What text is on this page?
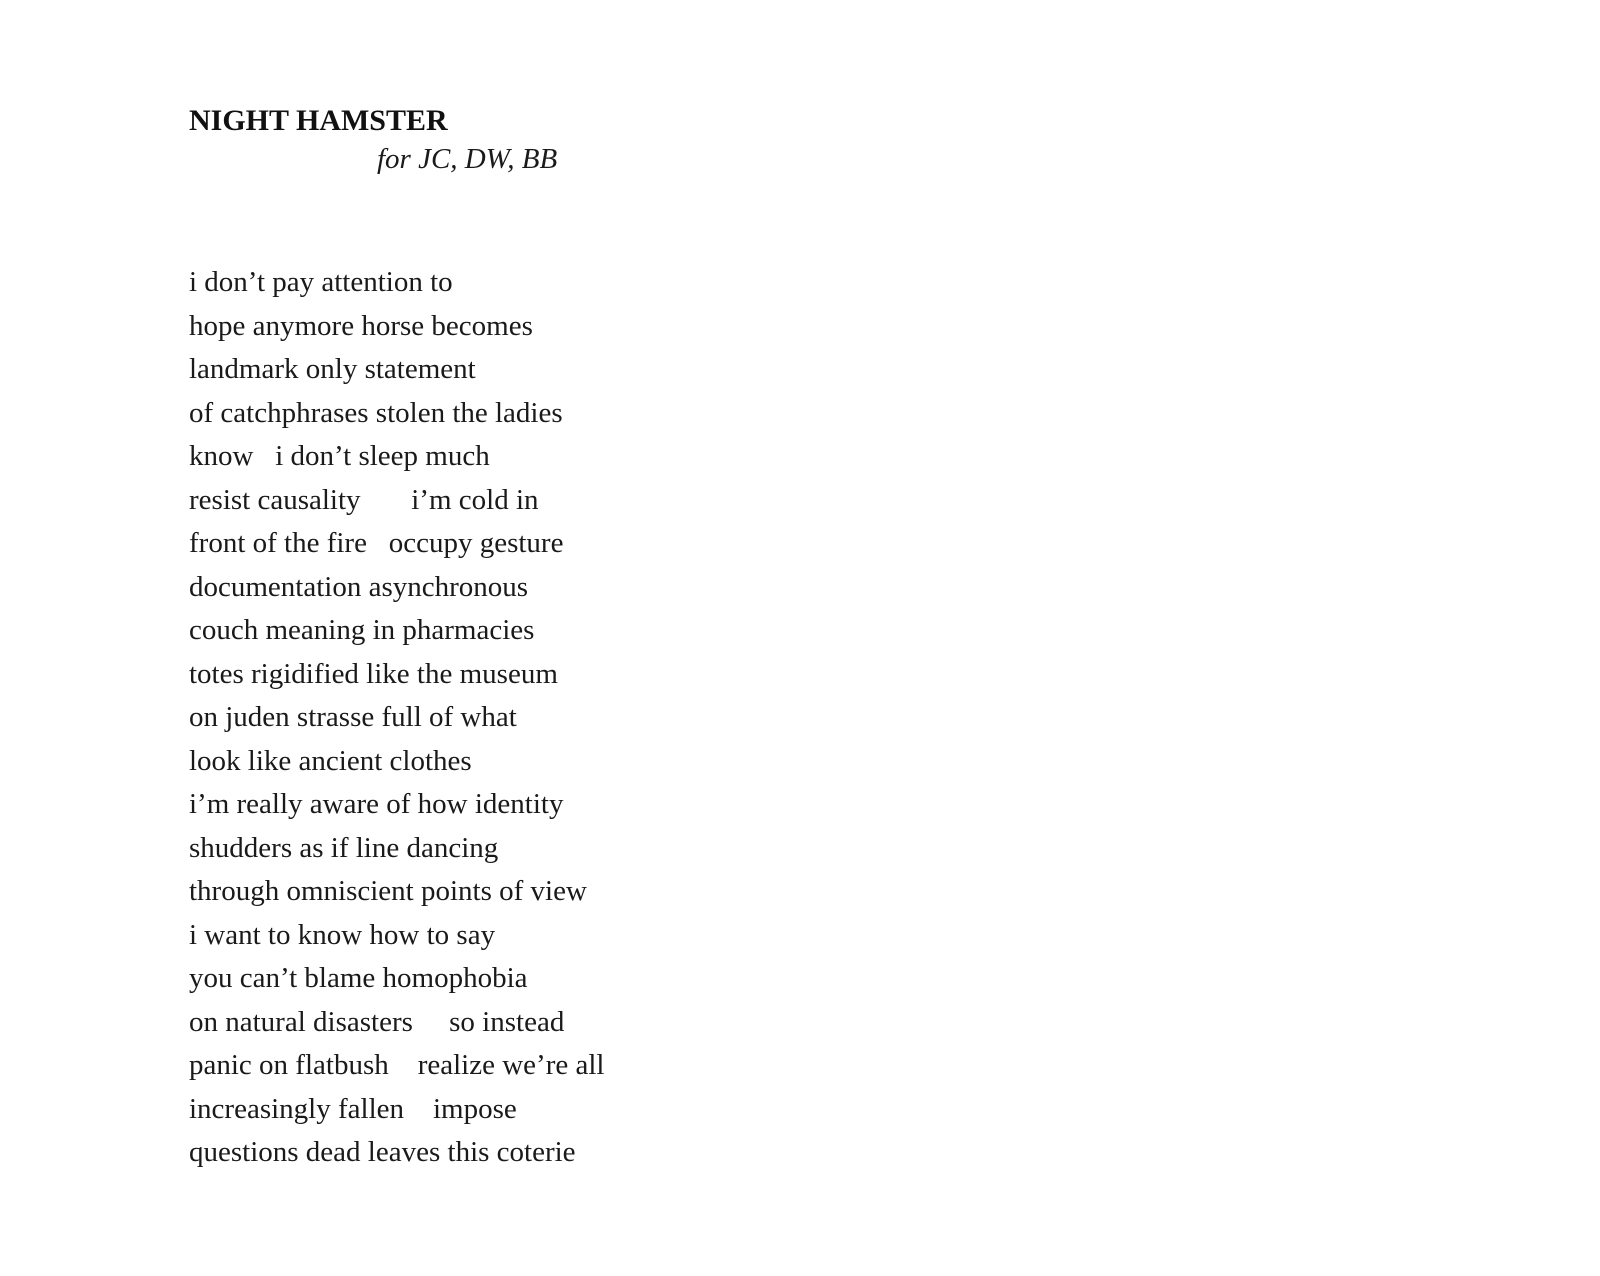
NIGHT HAMSTER

for JC, DW, BB

i don’t pay attention to
hope anymore horse becomes
landmark only statement
of catchphrases stolen the ladies
know   i don’t sleep much
resist causality       i’m cold in
front of the fire   occupy gesture
documentation asynchronous
couch meaning in pharmacies
totes rigidified like the museum
on juden strasse full of what
look like ancient clothes
i’m really aware of how identity
shudders as if line dancing
through omniscient points of view
i want to know how to say
you can’t blame homophobia
on natural disasters     so instead
panic on flatbush    realize we’re all
increasingly fallen    impose
questions dead leaves this coterie
